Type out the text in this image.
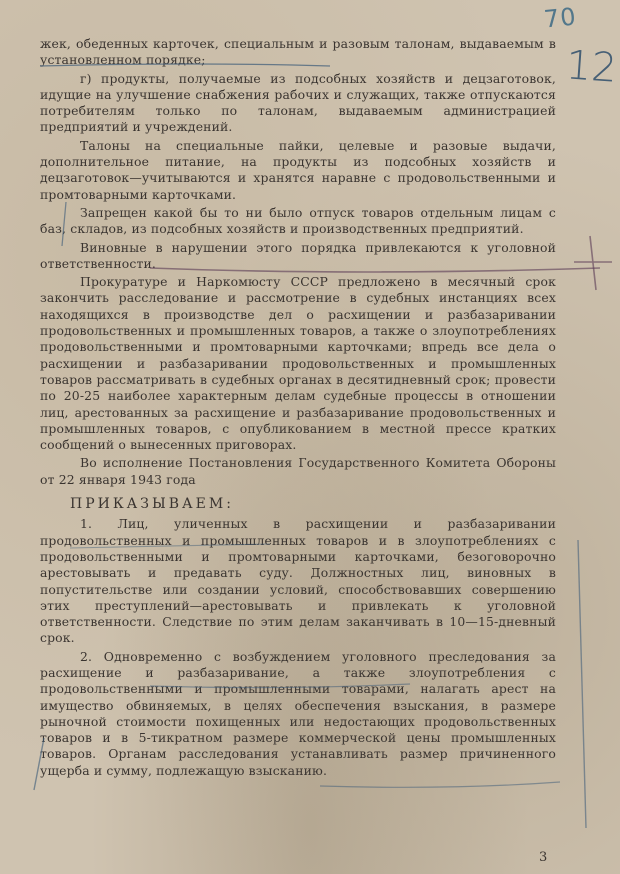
70
12

жек, обеденных карточек, специальным и разовым талонам, выдаваемым в установленном порядке;

г) продукты, получаемые из подсобных хозяйств и децзаготовок, идущие на улучшение снабжения рабочих и служащих, также отпускаются потребителям только по талонам, выдаваемым администрацией предприятий и учреждений.

Талоны на специальные пайки, целевые и разовые выдачи, дополнительное питание, на продукты из подсобных хозяйств и децзаготовок—учитываются и хранятся наравне с продовольственными и промтоварными карточками.

Запрещен какой бы то ни было отпуск товаров отдельным лицам с баз, складов, из подсобных хозяйств и производственных предприятий.

Виновные в нарушении этого порядка привлекаются к уголовной ответственности.

Прокуратуре и Наркомюсту СССР предложено в месячный срок закончить расследование и рассмотрение в судебных инстанциях всех находящихся в производстве дел о расхищении и разбазаривании продовольственных и промышленных товаров, а также о злоупотреблениях продовольственными и промтоварными карточками; впредь все дела о расхищении и разбазаривании продовольственных и промышленных товаров рассматривать в судебных органах в десятидневный срок; провести по 20-25 наиболее характерным делам судебные процессы в отношении лиц, арестованных за расхищение и разбазаривание продовольственных и промышленных товаров, с опубликованием в местной прессе кратких сообщений о вынесенных приговорах.

Во исполнение Постановления Государственного Комитета Обороны от 22 января 1943 года

ПРИКАЗЫВАЕМ:

1. Лиц, уличенных в расхищении и разбазаривании продовольственных и промышленных товаров и в злоупотреблениях с продовольственными и промтоварными карточками, безоговорочно арестовывать и предавать суду. Должностных лиц, виновных в попустительстве или создании условий, способствовавших совершению этих преступлений—арестовывать и привлекать к уголовной ответственности. Следствие по этим делам заканчивать в 10—15-дневный срок.

2. Одновременно с возбуждением уголовного преследования за расхищение и разбазаривание, а также злоупотребления с продовольственными и промышленными товарами, налагать арест на имущество обвиняемых, в целях обеспечения взыскания, в размере рыночной стоимости похищенных или недостающих продовольственных товаров и в 5-тикратном размере коммерческой цены промышленных товаров. Органам расследования устанавливать размер причиненного ущерба и сумму, подлежащую взысканию.

3
